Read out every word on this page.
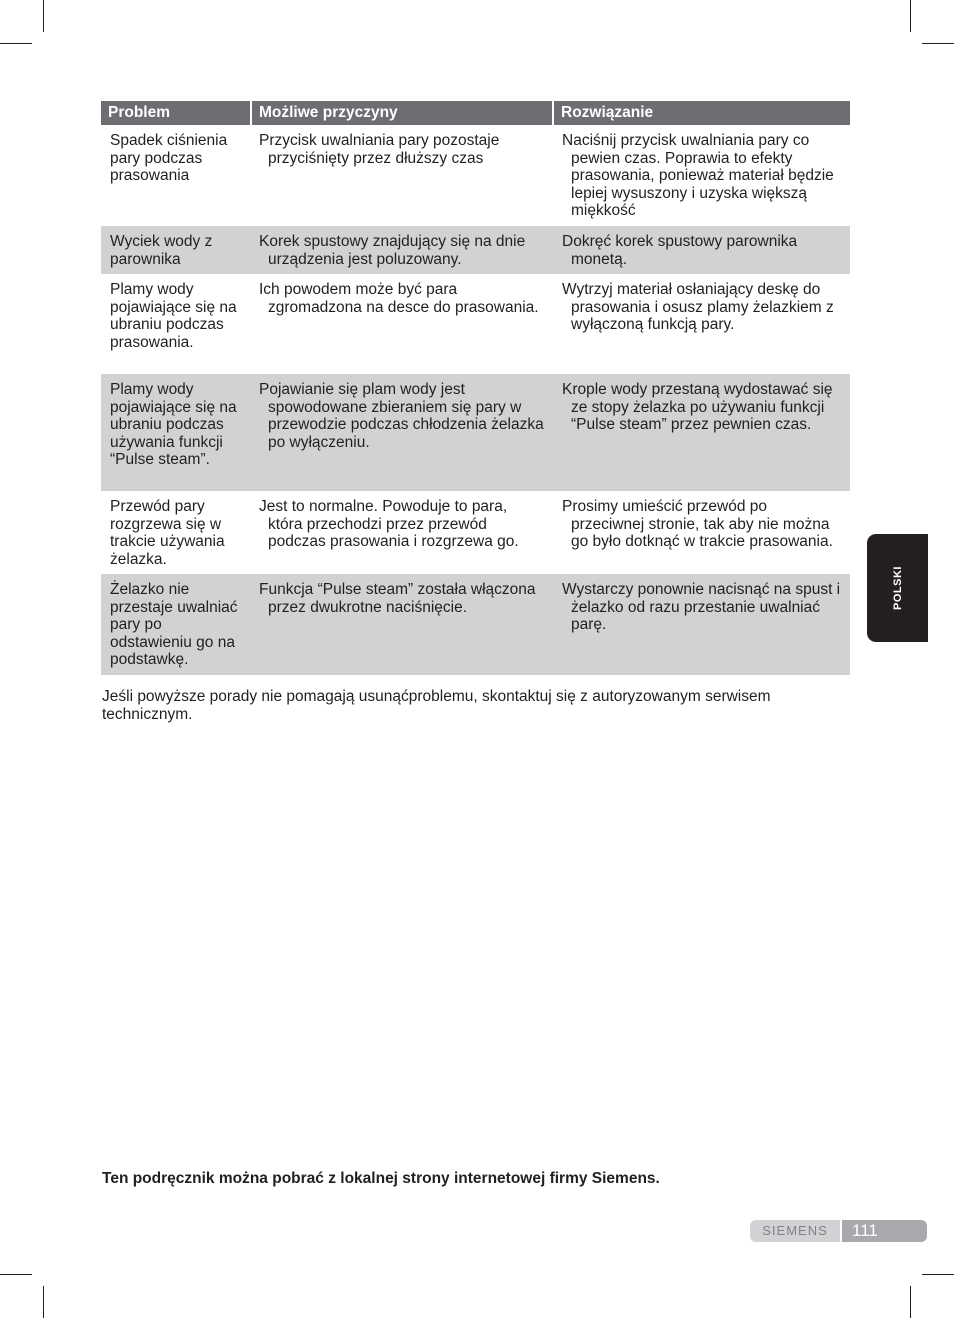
Problem	Możliwe przyczyny	Rozwiązanie
Spadek ciśnienia pary podczas prasowania	Przycisk uwalniania pary pozostaje przyciśnięty przez dłuższy czas	Naciśnij przycisk uwalniania pary co pewien czas. Poprawia to efekty prasowania, ponieważ materiał będzie lepiej wysuszony i uzyska większą miękkość
Wyciek wody z parownika	Korek spustowy znajdujący się na dnie urządzenia jest poluzowany.	Dokręć korek spustowy parownika monetą.
Plamy wody pojawiające się na ubraniu podczas prasowania.	Ich powodem może być para zgromadzona na desce do prasowania.	Wytrzyj materiał osłaniający deskę do prasowania i osusz plamy żelazkiem z wyłączoną funkcją pary.
Plamy wody pojawiające się na ubraniu podczas używania funkcji “Pulse steam”.	Pojawianie się plam wody jest spowodowane zbieraniem się pary w przewodzie podczas chłodzenia żelazka po wyłączeniu.	Krople wody przestaną wydostawać się ze stopy żelazka po używaniu funkcji “Pulse steam” przez pewnien czas.
Przewód pary rozgrzewa się w trakcie używania żelazka.	Jest to normalne. Powoduje to para, która przechodzi przez przewód podczas prasowania i rozgrzewa go.	Prosimy umieścić przewód po przeciwnej stronie, tak aby nie można go było dotknąć w trakcie prasowania.
Żelazko nie przestaje uwalniać pary po odstawieniu go na podstawkę.	Funkcja “Pulse steam” została włączona przez dwukrotne naciśnięcie.	Wystarczy ponownie nacisnąć na spust i żelazko od razu przestanie uwalniać parę.

Jeśli powyższe porady nie pomagają usunąćproblemu, skontaktuj się z autoryzowanym serwisem technicznym.

Ten podręcznik można pobrać z lokalnej strony internetowej firmy Siemens.

POLSKI
SIEMENS	111
